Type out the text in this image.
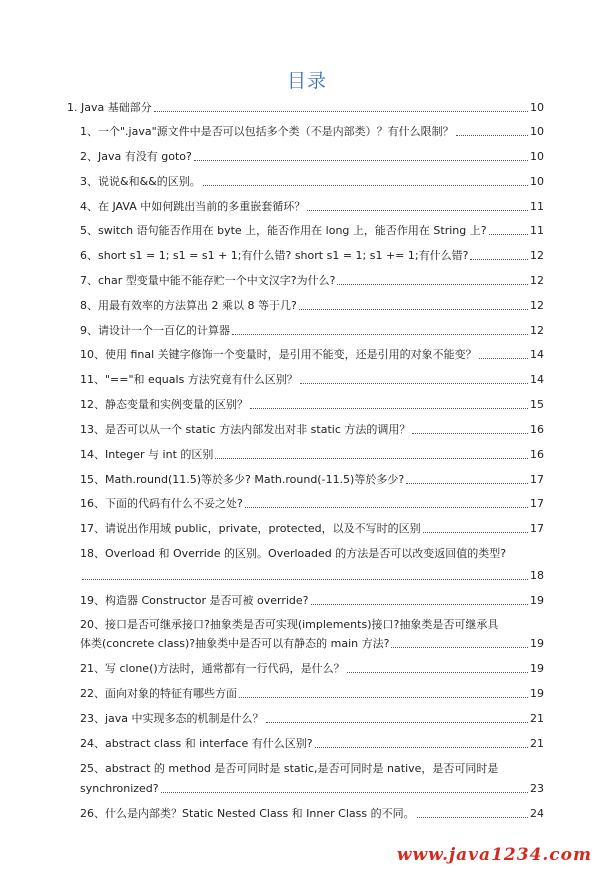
目录
1. Java 基础部分	10
1、一个".java"源文件中是否可以包括多个类（不是内部类）？有什么限制？	10
2、Java 有没有 goto?	10
3、说说&和&&的区别。	10
4、在 JAVA 中如何跳出当前的多重嵌套循环？	11
5、switch 语句能否作用在 byte 上，能否作用在 long 上，能否作用在 String 上?	11
6、short s1 = 1; s1 = s1 + 1;有什么错? short s1 = 1; s1 += 1;有什么错?	12
7、char 型变量中能不能存贮一个中文汉字?为什么?	12
8、用最有效率的方法算出 2 乘以 8 等于几?	12
9、请设计一个一百亿的计算器	12
10、使用 final 关键字修饰一个变量时，是引用不能变，还是引用的对象不能变？	14
11、"=="和 equals 方法究竟有什么区别？	14
12、静态变量和实例变量的区别？	15
13、是否可以从一个 static 方法内部发出对非 static 方法的调用？	16
14、Integer 与 int 的区别	16
15、Math.round(11.5)等於多少? Math.round(-11.5)等於多少?	17
16、下面的代码有什么不妥之处?	17
17、请说出作用域 public，private，protected，以及不写时的区别	17
18、Overload 和 Override 的区别。Overloaded 的方法是否可以改变返回值的类型?
18
19、构造器 Constructor 是否可被 override?	19
20、接口是否可继承接口?抽象类是否可实现(implements)接口?抽象类是否可继承具
体类(concrete class)?抽象类中是否可以有静态的 main 方法?	19
21、写 clone()方法时，通常都有一行代码，是什么？	19
22、面向对象的特征有哪些方面	19
23、java 中实现多态的机制是什么？	21
24、abstract class 和 interface 有什么区别?	21
25、abstract 的 method 是否可同时是 static,是否可同时是 native，是否可同时是
synchronized?	23
26、什么是内部类？Static Nested Class 和 Inner Class 的不同。	24
www.java1234.com
